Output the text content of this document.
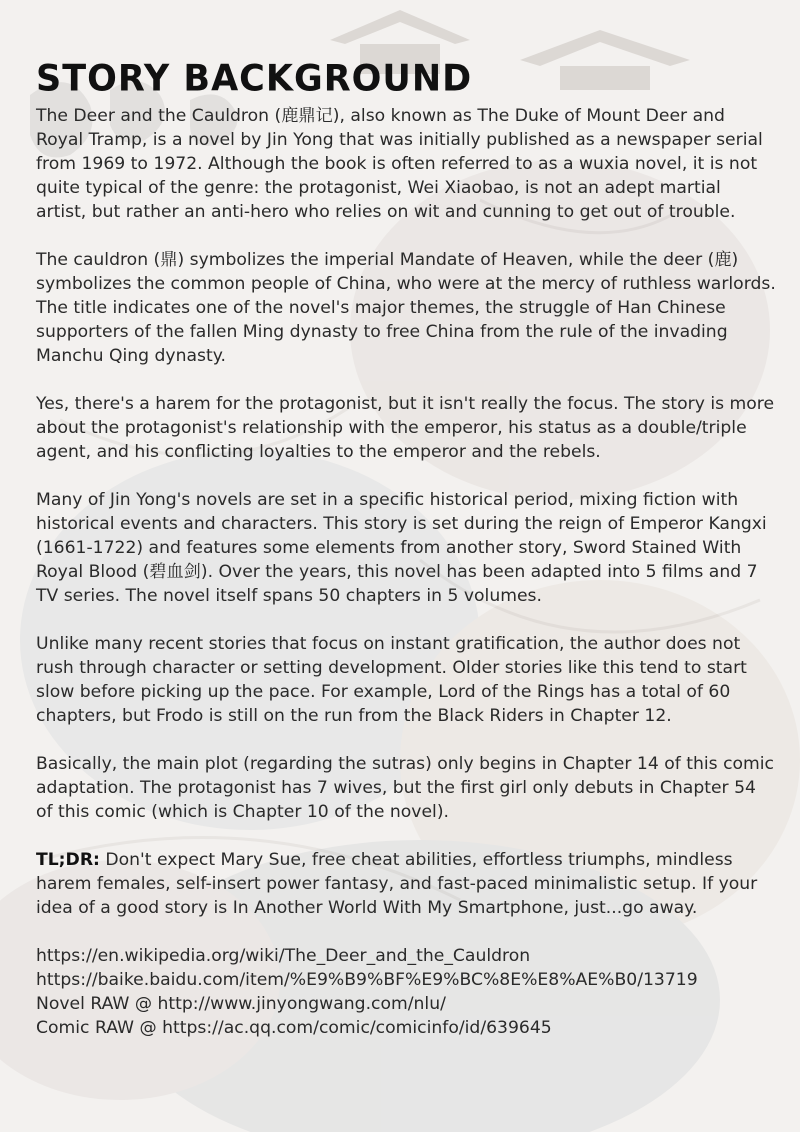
STORY BACKGROUND

The Deer and the Cauldron (鹿鼎记), also known as The Duke of Mount Deer and Royal Tramp, is a novel by Jin Yong that was initially published as a newspaper serial from 1969 to 1972. Although the book is often referred to as a wuxia novel, it is not quite typical of the genre: the protagonist, Wei Xiaobao, is not an adept martial artist, but rather an anti-hero who relies on wit and cunning to get out of trouble.

The cauldron (鼎) symbolizes the imperial Mandate of Heaven, while the deer (鹿) symbolizes the common people of China, who were at the mercy of ruthless warlords. The title indicates one of the novel's major themes, the struggle of Han Chinese supporters of the fallen Ming dynasty to free China from the rule of the invading Manchu Qing dynasty.

Yes, there's a harem for the protagonist, but it isn't really the focus. The story is more about the protagonist's relationship with the emperor, his status as a double/triple agent, and his conflicting loyalties to the emperor and the rebels.

Many of Jin Yong's novels are set in a specific historical period, mixing fiction with historical events and characters. This story is set during the reign of Emperor Kangxi (1661-1722) and features some elements from another story, Sword Stained With Royal Blood (碧血剑). Over the years, this novel has been adapted into 5 films and 7 TV series. The novel itself spans 50 chapters in 5 volumes.

Unlike many recent stories that focus on instant gratification, the author does not rush through character or setting development. Older stories like this tend to start slow before picking up the pace. For example, Lord of the Rings has a total of 60 chapters, but Frodo is still on the run from the Black Riders in Chapter 12.

Basically, the main plot (regarding the sutras) only begins in Chapter 14 of this comic adaptation. The protagonist has 7 wives, but the first girl only debuts in Chapter 54 of this comic (which is Chapter 10 of the novel).

TL;DR: Don't expect Mary Sue, free cheat abilities, effortless triumphs, mindless harem females, self-insert power fantasy, and fast-paced minimalistic setup. If your idea of a good story is In Another World With My Smartphone, just...go away.

https://en.wikipedia.org/wiki/The_Deer_and_the_Cauldron
https://baike.baidu.com/item/%E9%B9%BF%E9%BC%8E%E8%AE%B0/13719
Novel RAW @ http://www.jinyongwang.com/nlu/
Comic RAW @ https://ac.qq.com/comic/comicinfo/id/639645
